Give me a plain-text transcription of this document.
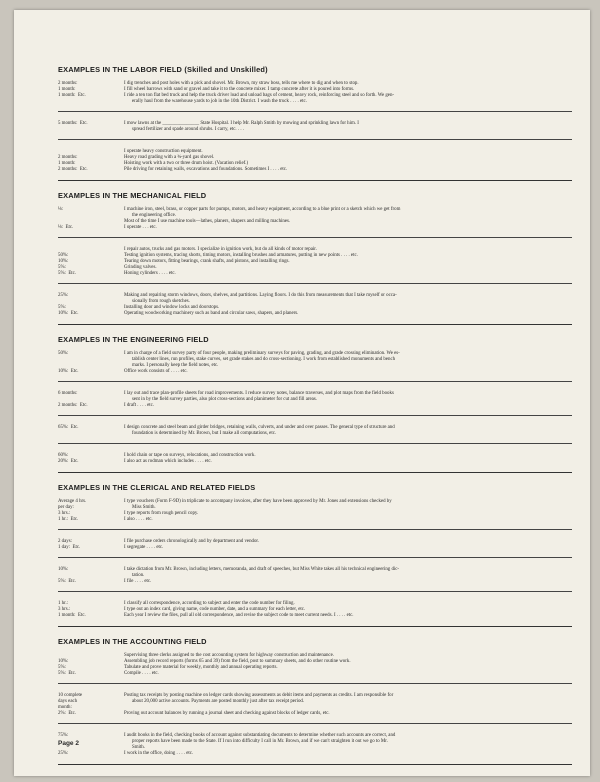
EXAMPLES IN THE LABOR FIELD (Skilled and Unskilled)
2 months:	I dig trenches and post holes with a pick and shovel. Mr. Brown, my straw boss, tells me where to dig and when to stop.
1 month:	I fill wheel barrows with sand or gravel and take it to the concrete mixer. I tamp concrete after it is poured into forms.
1 month:  Etc.	I ride a ten ton flat bed truck and help the truck driver load and unload bags of cement, heavy rock, reinforcing steel and so forth. We gen-
erally haul from the warehouse yards to job in the 10th District. I wash the truck . . . . etc.
5 months:  Etc.	I mow lawns at the _______________ State Hospital. I help Mr. Ralph Smith by mowing and sprinkling lawn for him. I
spread fertilizer and spade around shrubs. I carry, etc. . . .
I operate heavy construction equipment.
2 months:	Heavy road grading with a ¾-yard gas shovel.
1 month:	Hoisting work with a two or three drum hoist. (Vacation relief.)
2 months:  Etc.	Pile driving for retaining walls, excavations and foundations. Sometimes I . . . . etc.
EXAMPLES IN THE MECHANICAL FIELD
⅛:	I machine iron, steel, brass, or copper parts for pumps, motors, and heavy equipment, according to a blue print or a sketch which we get from
the engineering office.
Most of the time I use machine tools—lathes, planers, shapers and milling machines.
⅛:  Etc.	I operate . . . etc.
I repair autos, trucks and gas motors. I specialize in ignition work, but do all kinds of motor repair.
50%:	Testing ignition systems, tracing shorts, timing motors, installing brushes and armatures, putting in new points . . . . etc.
10%:	Tearing down motors, fitting bearings, crank shafts, and pistons, and installing rings.
5%:	Grinding valves.
5%:  Etc.	Honing cylinders . . . . etc.
25%:	Making and repairing storm windows, doors, shelves, and partitions. Laying floors. I do this from measurements that I take myself or occa-
sionally from rough sketches.
5%:	Installing door and window locks and doorstops.
10%:  Etc.	Operating woodworking machinery such as band and circular saws, shapers, and planers.
EXAMPLES IN THE ENGINEERING FIELD
50%:	I am in charge of a field survey party of four people, making preliminary surveys for paving, grading, and grade crossing elimination. We es-
tablish center lines, run profiles, stake curves, set grade stakes and do cross-sectioning. I work from established monuments and bench
marks. I personally keep the field notes, etc.
10%:  Etc.	Office work consists of . . . . etc.
6 months:	I lay out and trace plan-profile sheets for road improvements. I reduce survey notes, balance traverses, and plot maps from the field books
sent in by the field survey parties, also plot cross-sections and planimeter for cut and fill areas.
2 months:  Etc.	I draft . . . . etc.
65%:  Etc.	I design concrete and steel beam and girder bridges, retaining walls, culverts, and under and over passes. The general type of structure and
foundation is determined by Mr. Brown, but I make all computations, etc.
60%:	I hold chain or tape on surveys, relocations, and construction work.
20%:  Etc.	I also act as rodman which includes . . . . etc.
EXAMPLES IN THE CLERICAL AND RELATED FIELDS
Average 4 hrs.	I type vouchers (Form F-9D) in triplicate to accompany invoices, after they have been approved by Mr. Jones and extensions checked by
per day:	Miss Smith.
3 hrs.:	I type reports from rough pencil copy.
1 hr.:  Etc.	I also . . . . etc.
2 days:	I file purchase orders chronologically and by department and vendor.
1 day:  Etc.	I segregate . . . . etc.
10%:	I take dictation from Mr. Brown, including letters, memoranda, and draft of speeches, but Miss White takes all his technical engineering dic-
tation.
5%:  Etc.	I file . . . . etc.
1 hr.:	I classify all correspondence, according to subject and enter the code number for filing.
3 hrs.:	I type out an index card, giving name, code number, date, and a summary for each letter, etc.
1 month:  Etc.	Each year I review the files, pull all old correspondence, and revise the subject code to meet current needs. I . . . . etc.
EXAMPLES IN THE ACCOUNTING FIELD
Supervising three clerks assigned to the cost accounting system for highway construction and maintenance.
10%:	Assembling job record reports (forms 65 and 39) from the field, post to summary sheets, and do other routine work.
5%:	Tabulate and prove material for weekly, monthly and annual operating reports.
5%:  Etc.	Compile . . . . etc.
10 complete	Posting tax receipts by posting machine on ledger cards showing assessments as debit items and payments as credits. I am responsible for
days each	about 20,000 active accounts. Payments are posted monthly just after tax receipt period.
month:
2%:  Etc.	Proving out account balances by running a journal sheet and checking against blocks of ledger cards, etc.
75%:	I audit books in the field, checking books of account against substantiating documents to determine whether such accounts are correct, and
proper reports have been made to the State. If I run into difficulty I call in Mr. Brown, and if we can't straighten it out we go to Mr.
Smith.
25%:	I work in the office, doing . . . . etc.
Page 2
